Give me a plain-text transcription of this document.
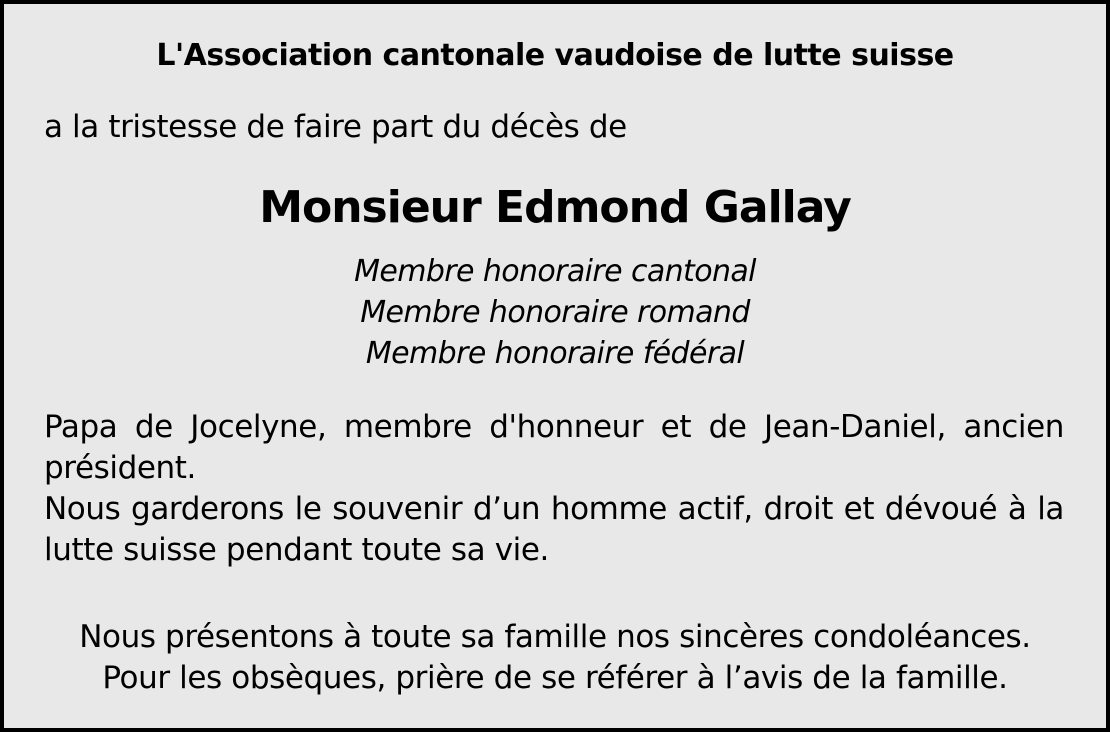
L'Association cantonale vaudoise de lutte suisse

a la tristesse de faire part du décès de

Monsieur Edmond Gallay

Membre honoraire cantonal

Membre honoraire romand

Membre honoraire fédéral

Papa de Jocelyne, membre d'honneur et de Jean-Daniel, ancien président.

Nous garderons le souvenir d’un homme actif, droit et dévoué à la lutte suisse pendant toute sa vie.

Nous présentons à toute sa famille nos sincères condoléances.

Pour les obsèques, prière de se référer à l’avis de la famille.
